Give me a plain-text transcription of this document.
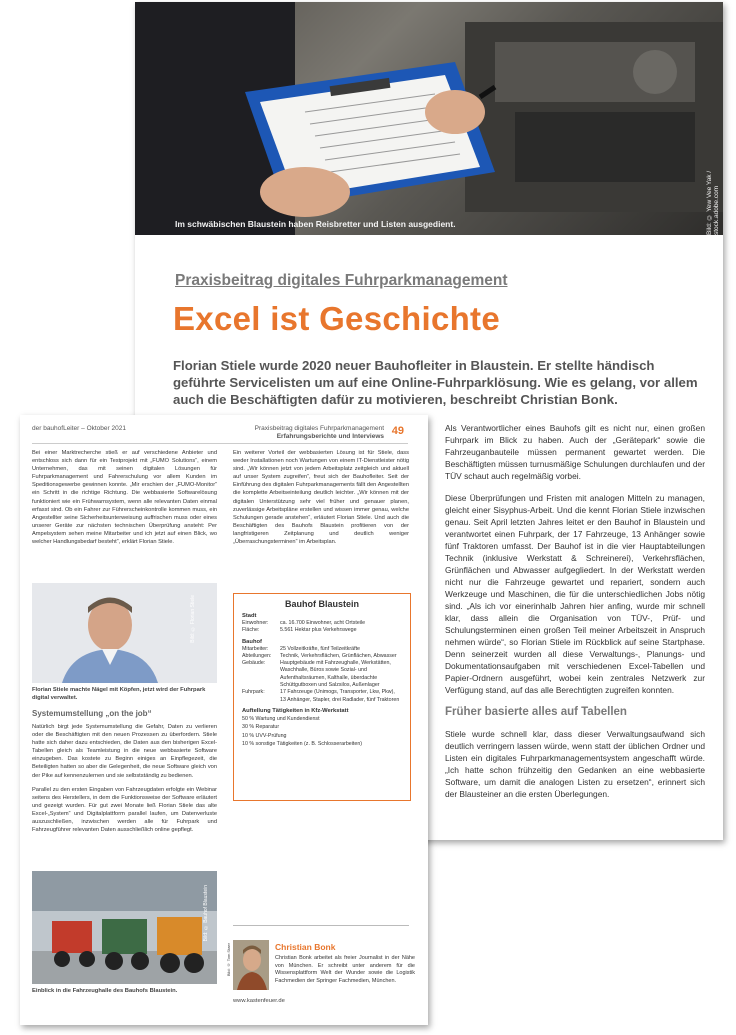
Im schwäbischen Blaustein haben Reisbretter und Listen ausgedient.	Bild: © Yew Vee Yak / stock.adobe.com
Praxisbeitrag digitales Fuhrparkmanagement
Excel ist Geschichte
Florian Stiele wurde 2020 neuer Bauhofleiter in Blaustein. Er stellte händisch geführte Servicelisten um auf eine Online-Fuhrparklösung. Wie es gelang, vor allem auch die Beschäftigten dafür zu motivieren, beschreibt Christian Bonk.

Als Verantwortlicher eines Bauhofs gilt es nicht nur, einen großen Fuhrpark im Blick zu haben. Auch der „Gerätepark“ sowie die Fahrzeuganbauteile müssen permanent gewartet werden. Die Beschäftigten müssen turnusmäßige Schulungen durchlaufen und der TÜV schaut auch regelmäßig vorbei.

Diese Überprüfungen und Fristen mit analogen Mitteln zu managen, gleicht einer Sisyphus-Arbeit. Und die kennt Florian Stiele inzwischen genau. Seit April letzten Jahres leitet er den Bauhof in Blaustein und verantwortet einen Fuhrpark, der 17 Fahrzeuge, 13 Anhänger sowie fünf Traktoren umfasst. Der Bauhof ist in die vier Hauptabteilungen Technik (inklusive Werkstatt & Schreinerei), Verkehrsflächen, Grünflächen und Abwasser aufgegliedert. In der Werkstatt werden nicht nur die Fahrzeuge gewartet und repariert, sondern auch Werkzeuge und Maschinen, die für die unterschiedlichen Jobs nötig sind. „Als ich vor einerinhalb Jahren hier anfing, wurde mir schnell klar, dass allein die Organisation von TÜV-, Prüf- und Schulungsterminen einen großen Teil meiner Arbeitszeit in Anspruch nehmen würde“, so Florian Stiele im Rückblick auf seine Startphase. Denn seinerzeit wurden all diese Verwaltungs-, Planungs- und Dokumentationsaufgaben mit verschiedenen Excel-Tabellen und Papier-Ordnern ausgeführt, wobei kein zentrales Netzwerk zur Verfügung stand, auf das alle Berechtigten zugreifen konnten.

Früher basierte alles auf Tabellen

Stiele wurde schnell klar, dass dieser Verwaltungsaufwand sich deutlich verringern lassen würde, wenn statt der üblichen Ordner und Listen ein digitales Fuhrparkmanagementsystem angeschafft würde. „Ich hatte schon frühzeitig den Gedanken an eine webbasierte Software, um damit die analogen Listen zu ersetzen“, erinnert sich der Blausteiner an die ersten Überlegungen.

der bauhofLeiter – Oktober 2021	Praxisbeitrag digitales Fuhrparkmanagement
Erfahrungsberichte und Interviews 49

Bei einer Marktrecherche stieß er auf verschiedene Anbieter und entschloss sich dann für ein Testprojekt mit „FUMO Solutions“, einem Unternehmen, das mit seinen digitalen Lösungen für Fuhrparkmanagement und Fahrerschulung vor allem Kunden im Speditionsgewerbe gewinnen konnte. „Mir erschien der „FUMO-Monitor“ ein Schritt in die richtige Richtung. Die webbasierte Softwarelösung funktioniert wie ein Frühwarnsystem, wenn alle relevanten Daten einmal erfasst sind. Ob ein Fahrer zur Führerscheinkontrolle kommen muss, ein Angestellter seine Sicherheitsunterweisung auffrischen muss oder eines unserer Geräte zur nächsten technischen Überprüfung ansteht: Per Ampelsystem sehen meine Mitarbeiter und ich jetzt auf einen Blick, wo welcher Handlungsbedarf besteht“, erklärt Florian Stiele.

Bild: © Florian Stiele
Florian Stiele machte Nägel mit Köpfen, jetzt wird der Fuhrpark digital verwaltet.
Systemumstellung „on the job“

Natürlich birgt jede Systemumstellung die Gefahr, Daten zu verlieren oder die Beschäftigten mit den neuen Prozessen zu überfordern. Stiele hatte sich daher dazu entschieden, die Daten aus den bisherigen Excel-Tabellen gleich als Teamleistung in die neue webbasierte Software einzugeben. Das kostete zu Beginn einiges an Einpflegezeit, die Beteiligten hatten so aber die Gelegenheit, die neue Software gleich von der Pike auf kennenzulernen und sie selbstständig zu bedienen.

Parallel zu den ersten Eingaben von Fahrzeugdaten erfolgte ein Webinar seitens des Herstellers, in dem die Funktionsweise der Software erläutert und gezeigt wurden. Für gut zwei Monate ließ Florian Stiele das alte Excel-„System“ und Digitalplattform parallel laufen, um Datenverluste auszuschließen, inzwischen werden alle für Fuhrpark und Fahrzeugführer relevanten Daten ausschließlich online gepflegt.

Bild: © Bauhof Blaustein
Einblick in die Fahrzeughalle des Bauhofs Blaustein.

Ein weiterer Vorteil der webbasierten Lösung ist für Stiele, dass weder Installationen noch Wartungen von einem IT-Dienstleister nötig sind. „Wir können jetzt von jedem Arbeitsplatz zeitgleich und aktuell auf unser System zugreifen“, freut sich der Bauhofleiter. Seit der Einführung des digitalen Fuhrparkmanagements fällt den Angestellten die komplette Arbeitseinteilung deutlich leichter. „Wir können mit der digitalen Unterstützung sehr viel früher und genauer planen, zuverlässige Arbeitspläne erstellen und wissen immer genau, welche Schulungen gerade anstehen“, erläutert Florian Stiele. Und auch die Beschäftigten des Bauhofs Blaustein profitieren von der langfristigeren Zeitplanung und deutlich weniger „Überraschungsterminen“ im Arbeitsplan.

Bauhof Blaustein
Stadt
Einwohner:	ca. 16.700 Einwohner, acht Ortsteile
Fläche:	5.561 Hektar plus Verkehrswege
Bauhof
Mitarbeiter:	25 Vollzeitkräfte, fünf Teilzeitkräfte
Abteilungen:	Technik, Verkehrsflächen, Grünflächen, Abwasser
Gebäude:	Hauptgebäude mit Fahrzeughalle, Werkstätten, Waschhalle, Büros sowie Sozial- und Aufenthaltsräumen, Kalthalle, überdachte Schüttgutboxen und Salzsilos, Außenlager
Fuhrpark:	17 Fahrzeuge (Unimogs, Transporter, Lkw, Pkw), 13 Anhänger, Stapler, drei Radlader, fünf Traktoren
Auftellung Tätigkeiten in Kfz-Werkstatt
50 % Wartung und Kundendienst
30 % Reparatur
10 % UVV-Prüfung
10 % sonstige Tätigkeiten (z. B. Schlosserarbeiten)
Bild: © Tom Staer	Christian Bonk
Christian Bonk arbeitet als freier Journalist in der Nähe von München. Er schreibt unter anderem für die Wissensplattform Welt der Wunder sowie die Logistik Fachmedien der Springer Fachmedien, München.
www.kastenfeuer.de
